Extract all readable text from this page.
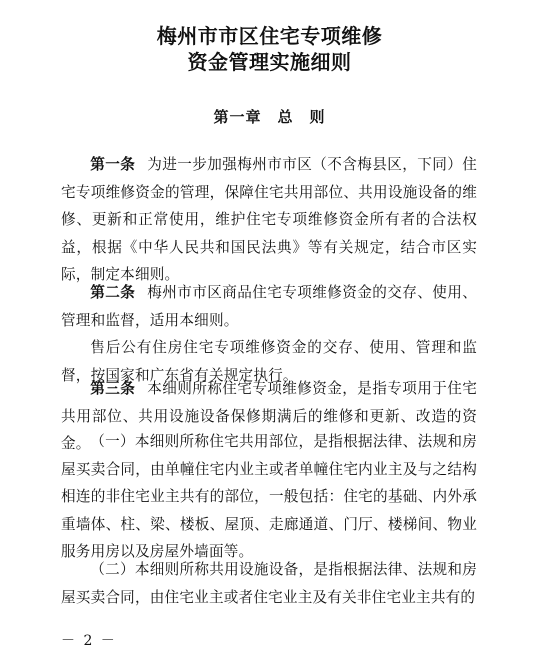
梅州市市区住宅专项维修
资金管理实施细则
第一章 总　则
第一条 为进一步加强梅州市市区（不含梅县区，下同）住宅专项维修资金的管理，保障住宅共用部位、共用设施设备的维修、更新和正常使用，维护住宅专项维修资金所有者的合法权益，根据《中华人民共和国民法典》等有关规定，结合市区实际，制定本细则。
第二条 梅州市市区商品住宅专项维修资金的交存、使用、管理和监督，适用本细则。
售后公有住房住宅专项维修资金的交存、使用、管理和监督，按国家和广东省有关规定执行。
第三条 本细则所称住宅专项维修资金，是指专项用于住宅共用部位、共用设施设备保修期满后的维修和更新、改造的资金。 （一）本细则所称住宅共用部位，是指根据法律、法规和房屋买卖合同，由单幢住宅内业主或者单幢住宅内业主及与之结构相连的非住宅业主共有的部位，一般包括：住宅的基础、内外承重墙体、柱、梁、楼板、屋顶、走廊通道、门厅、楼梯间、物业服务用房以及房屋外墙面等。
（二）本细则所称共用设施设备，是指根据法律、法规和房屋买卖合同，由住宅业主或者住宅业主及有关非住宅业主共有的
－ 2 －
